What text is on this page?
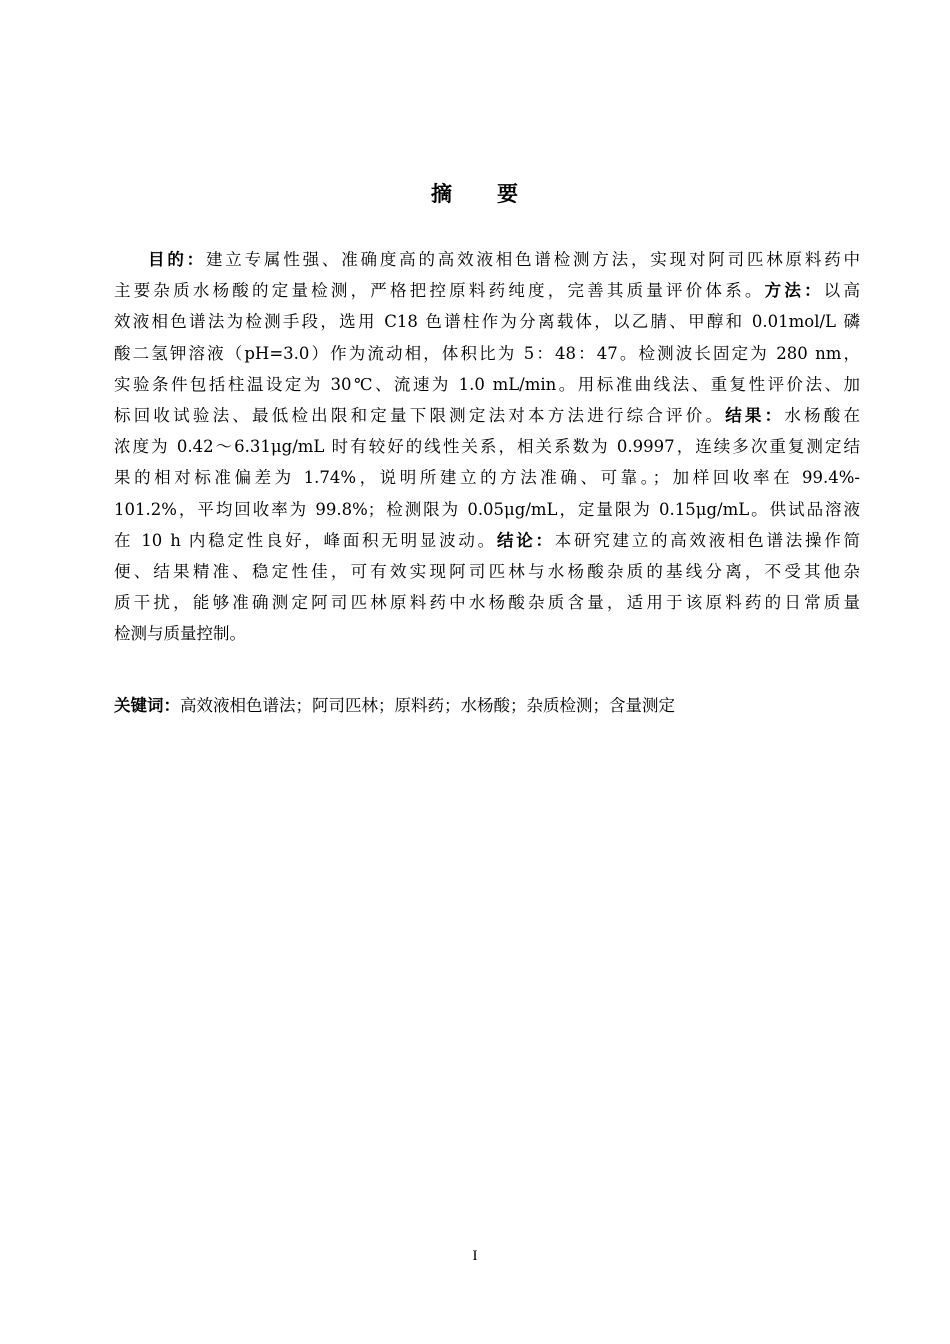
摘 要
目的：建立专属性强、准确度高的高效液相色谱检测方法，实现对阿司匹林原料药中
主要杂质水杨酸的定量检测，严格把控原料药纯度，完善其质量评价体系。方法：以高
效液相色谱法为检测手段，选用 C18 色谱柱作为分离载体，以乙腈、甲醇和 0.01mol/L 磷
酸二氢钾溶液（pH=3.0）作为流动相，体积比为 5：48：47。检测波长固定为 280 nm，
实验条件包括柱温设定为 30℃、流速为 1.0 mL/min。用标准曲线法、重复性评价法、加
标回收试验法、最低检出限和定量下限测定法对本方法进行综合评价。结果：水杨酸在
浓度为 0.42～6.31μg/mL 时有较好的线性关系，相关系数为 0.9997，连续多次重复测定结
果的相对标准偏差为 1.74%，说明所建立的方法准确、可靠。；加样回收率在 99.4%-
101.2%，平均回收率为 99.8%；检测限为 0.05μg/mL，定量限为 0.15μg/mL。供试品溶液
在 10 h 内稳定性良好，峰面积无明显波动。结论：本研究建立的高效液相色谱法操作简
便、结果精准、稳定性佳，可有效实现阿司匹林与水杨酸杂质的基线分离，不受其他杂
质干扰，能够准确测定阿司匹林原料药中水杨酸杂质含量，适用于该原料药的日常质量
检测与质量控制。
关键词：高效液相色谱法；阿司匹林；原料药；水杨酸；杂质检测；含量测定
I
